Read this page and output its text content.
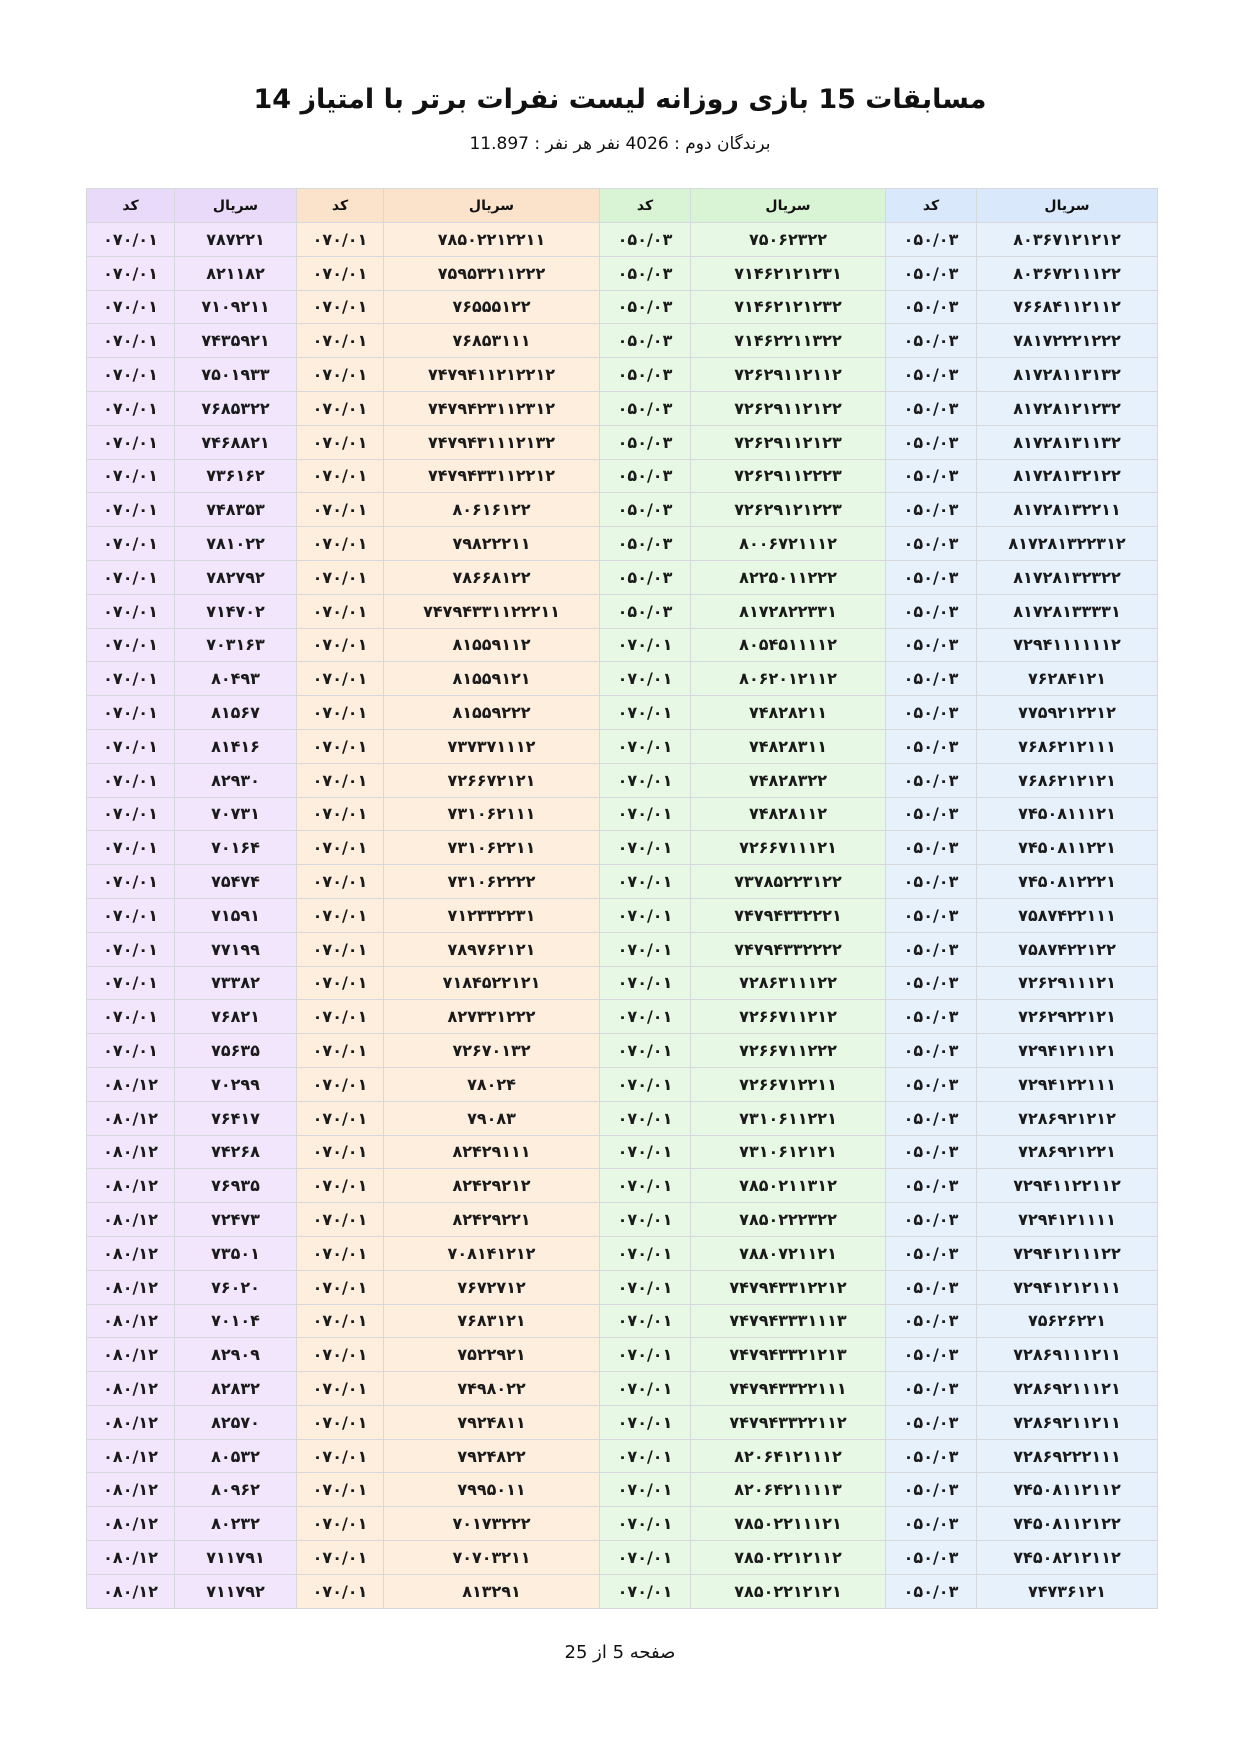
مسابقات 15 بازی روزانه لیست نفرات برتر با امتیاز 14
برندگان دوم : 4026 نفر هر نفر : 11.897
سریال	کد	سریال	کد	سریال	کد	سریال	کد
۸۰۳۶۷۱۲۱۲۱۲	۰۵۰/۰۳	۷۵۰۶۲۳۲۲	۰۵۰/۰۳	۷۸۵۰۲۲۱۲۲۱۱	۰۷۰/۰۱	۷۸۷۲۲۱	۰۷۰/۰۱
۸۰۳۶۷۲۱۱۱۲۲	۰۵۰/۰۳	۷۱۴۶۲۱۲۱۲۳۱	۰۵۰/۰۳	۷۵۹۵۳۲۱۱۲۲۲	۰۷۰/۰۱	۸۲۱۱۸۲	۰۷۰/۰۱
۷۶۶۸۴۱۱۲۱۱۲	۰۵۰/۰۳	۷۱۴۶۲۱۲۱۲۳۲	۰۵۰/۰۳	۷۶۵۵۵۱۲۲	۰۷۰/۰۱	۷۱۰۹۲۱۱	۰۷۰/۰۱
۷۸۱۷۲۲۲۱۲۲۲	۰۵۰/۰۳	۷۱۴۶۲۲۱۱۳۲۲	۰۵۰/۰۳	۷۶۸۵۳۱۱۱	۰۷۰/۰۱	۷۴۳۵۹۲۱	۰۷۰/۰۱
۸۱۷۲۸۱۱۳۱۳۲	۰۵۰/۰۳	۷۲۶۲۹۱۱۲۱۱۲	۰۵۰/۰۳	۷۴۷۹۴۱۱۲۱۲۲۱۲	۰۷۰/۰۱	۷۵۰۱۹۳۳	۰۷۰/۰۱
۸۱۷۲۸۱۲۱۲۳۲	۰۵۰/۰۳	۷۲۶۲۹۱۱۲۱۲۲	۰۵۰/۰۳	۷۴۷۹۴۲۳۱۱۲۳۱۲	۰۷۰/۰۱	۷۶۸۵۳۲۲	۰۷۰/۰۱
۸۱۷۲۸۱۳۱۱۳۲	۰۵۰/۰۳	۷۲۶۲۹۱۱۲۱۲۳	۰۵۰/۰۳	۷۴۷۹۴۳۱۱۱۲۱۳۲	۰۷۰/۰۱	۷۴۶۸۸۲۱	۰۷۰/۰۱
۸۱۷۲۸۱۳۲۱۲۲	۰۵۰/۰۳	۷۲۶۲۹۱۱۲۲۲۳	۰۵۰/۰۳	۷۴۷۹۴۳۳۱۱۲۲۱۲	۰۷۰/۰۱	۷۳۶۱۶۲	۰۷۰/۰۱
۸۱۷۲۸۱۳۲۲۱۱	۰۵۰/۰۳	۷۲۶۲۹۱۲۱۲۲۳	۰۵۰/۰۳	۸۰۶۱۶۱۲۲	۰۷۰/۰۱	۷۴۸۳۵۳	۰۷۰/۰۱
۸۱۷۲۸۱۳۲۲۳۱۲	۰۵۰/۰۳	۸۰۰۶۷۲۱۱۱۲	۰۵۰/۰۳	۷۹۸۲۲۲۱۱	۰۷۰/۰۱	۷۸۱۰۲۲	۰۷۰/۰۱
۸۱۷۲۸۱۳۲۳۲۲	۰۵۰/۰۳	۸۲۲۵۰۱۱۲۲۲	۰۵۰/۰۳	۷۸۶۶۸۱۲۲	۰۷۰/۰۱	۷۸۲۷۹۲	۰۷۰/۰۱
۸۱۷۲۸۱۳۳۳۳۱	۰۵۰/۰۳	۸۱۷۲۸۲۲۳۳۱	۰۵۰/۰۳	۷۴۷۹۴۳۳۱۱۲۲۲۱۱	۰۷۰/۰۱	۷۱۴۷۰۲	۰۷۰/۰۱
۷۲۹۴۱۱۱۱۱۱۲	۰۵۰/۰۳	۸۰۵۴۵۱۱۱۱۲	۰۷۰/۰۱	۸۱۵۵۹۱۱۲	۰۷۰/۰۱	۷۰۳۱۶۳	۰۷۰/۰۱
۷۶۲۸۴۱۲۱	۰۵۰/۰۳	۸۰۶۲۰۱۲۱۱۲	۰۷۰/۰۱	۸۱۵۵۹۱۲۱	۰۷۰/۰۱	۸۰۴۹۳	۰۷۰/۰۱
۷۷۵۹۲۱۲۲۱۲	۰۵۰/۰۳	۷۴۸۲۸۲۱۱	۰۷۰/۰۱	۸۱۵۵۹۲۲۲	۰۷۰/۰۱	۸۱۵۶۷	۰۷۰/۰۱
۷۶۸۶۲۱۲۱۱۱	۰۵۰/۰۳	۷۴۸۲۸۳۱۱	۰۷۰/۰۱	۷۳۷۳۷۱۱۱۲	۰۷۰/۰۱	۸۱۴۱۶	۰۷۰/۰۱
۷۶۸۶۲۱۲۱۲۱	۰۵۰/۰۳	۷۴۸۲۸۳۲۲	۰۷۰/۰۱	۷۲۶۶۷۲۱۲۱	۰۷۰/۰۱	۸۲۹۳۰	۰۷۰/۰۱
۷۴۵۰۸۱۱۱۲۱	۰۵۰/۰۳	۷۴۸۲۸۱۱۲	۰۷۰/۰۱	۷۳۱۰۶۲۱۱۱	۰۷۰/۰۱	۷۰۷۳۱	۰۷۰/۰۱
۷۴۵۰۸۱۱۲۲۱	۰۵۰/۰۳	۷۲۶۶۷۱۱۱۲۱	۰۷۰/۰۱	۷۳۱۰۶۲۲۱۱	۰۷۰/۰۱	۷۰۱۶۴	۰۷۰/۰۱
۷۴۵۰۸۱۲۲۲۱	۰۵۰/۰۳	۷۳۷۸۵۲۲۳۱۲۲	۰۷۰/۰۱	۷۳۱۰۶۲۲۲۲	۰۷۰/۰۱	۷۵۴۷۴	۰۷۰/۰۱
۷۵۸۷۴۲۲۱۱۱	۰۵۰/۰۳	۷۴۷۹۴۳۳۲۲۲۱	۰۷۰/۰۱	۷۱۲۳۳۲۲۳۱	۰۷۰/۰۱	۷۱۵۹۱	۰۷۰/۰۱
۷۵۸۷۴۲۲۱۲۲	۰۵۰/۰۳	۷۴۷۹۴۳۳۲۲۲۲	۰۷۰/۰۱	۷۸۹۷۶۲۱۲۱	۰۷۰/۰۱	۷۷۱۹۹	۰۷۰/۰۱
۷۲۶۲۹۱۱۱۲۱	۰۵۰/۰۳	۷۲۸۶۳۱۱۱۲۲	۰۷۰/۰۱	۷۱۸۴۵۲۲۱۲۱	۰۷۰/۰۱	۷۳۳۸۲	۰۷۰/۰۱
۷۲۶۲۹۲۲۱۲۱	۰۵۰/۰۳	۷۲۶۶۷۱۱۲۱۲	۰۷۰/۰۱	۸۲۷۳۲۱۲۲۲	۰۷۰/۰۱	۷۶۸۲۱	۰۷۰/۰۱
۷۲۹۴۱۲۱۱۲۱	۰۵۰/۰۳	۷۲۶۶۷۱۱۲۲۲	۰۷۰/۰۱	۷۲۶۷۰۱۳۲	۰۷۰/۰۱	۷۵۶۳۵	۰۷۰/۰۱
۷۲۹۴۱۲۲۱۱۱	۰۵۰/۰۳	۷۲۶۶۷۱۲۲۱۱	۰۷۰/۰۱	۷۸۰۲۴	۰۷۰/۰۱	۷۰۲۹۹	۰۸۰/۱۲
۷۲۸۶۹۲۱۲۱۲	۰۵۰/۰۳	۷۳۱۰۶۱۱۲۲۱	۰۷۰/۰۱	۷۹۰۸۳	۰۷۰/۰۱	۷۶۴۱۷	۰۸۰/۱۲
۷۲۸۶۹۲۱۲۲۱	۰۵۰/۰۳	۷۳۱۰۶۱۲۱۲۱	۰۷۰/۰۱	۸۲۴۲۹۱۱۱	۰۷۰/۰۱	۷۴۲۶۸	۰۸۰/۱۲
۷۲۹۴۱۱۲۲۱۱۲	۰۵۰/۰۳	۷۸۵۰۲۱۱۳۱۲	۰۷۰/۰۱	۸۲۴۲۹۲۱۲	۰۷۰/۰۱	۷۶۹۳۵	۰۸۰/۱۲
۷۲۹۴۱۲۱۱۱۱	۰۵۰/۰۳	۷۸۵۰۲۲۲۳۲۲	۰۷۰/۰۱	۸۲۴۲۹۲۲۱	۰۷۰/۰۱	۷۲۴۷۳	۰۸۰/۱۲
۷۲۹۴۱۲۱۱۱۲۲	۰۵۰/۰۳	۷۸۸۰۷۲۱۱۲۱	۰۷۰/۰۱	۷۰۸۱۴۱۲۱۲	۰۷۰/۰۱	۷۳۵۰۱	۰۸۰/۱۲
۷۲۹۴۱۲۱۲۱۱۱	۰۵۰/۰۳	۷۴۷۹۴۳۳۱۲۲۱۲	۰۷۰/۰۱	۷۶۷۲۷۱۲	۰۷۰/۰۱	۷۶۰۲۰	۰۸۰/۱۲
۷۵۶۲۶۲۲۱	۰۵۰/۰۳	۷۴۷۹۴۳۳۳۱۱۱۳	۰۷۰/۰۱	۷۶۸۳۱۲۱	۰۷۰/۰۱	۷۰۱۰۴	۰۸۰/۱۲
۷۲۸۶۹۱۱۱۲۱۱	۰۵۰/۰۳	۷۴۷۹۴۳۳۲۱۲۱۳	۰۷۰/۰۱	۷۵۲۲۹۲۱	۰۷۰/۰۱	۸۲۹۰۹	۰۸۰/۱۲
۷۲۸۶۹۲۱۱۱۲۱	۰۵۰/۰۳	۷۴۷۹۴۳۳۲۲۱۱۱	۰۷۰/۰۱	۷۴۹۸۰۲۲	۰۷۰/۰۱	۸۲۸۳۲	۰۸۰/۱۲
۷۲۸۶۹۲۱۱۲۱۱	۰۵۰/۰۳	۷۴۷۹۴۳۳۲۲۱۱۲	۰۷۰/۰۱	۷۹۲۴۸۱۱	۰۷۰/۰۱	۸۲۵۷۰	۰۸۰/۱۲
۷۲۸۶۹۲۲۲۱۱۱	۰۵۰/۰۳	۸۲۰۶۴۱۲۱۱۱۲	۰۷۰/۰۱	۷۹۲۴۸۲۲	۰۷۰/۰۱	۸۰۵۳۲	۰۸۰/۱۲
۷۴۵۰۸۱۱۲۱۱۲	۰۵۰/۰۳	۸۲۰۶۴۲۱۱۱۱۳	۰۷۰/۰۱	۷۹۹۵۰۱۱	۰۷۰/۰۱	۸۰۹۶۲	۰۸۰/۱۲
۷۴۵۰۸۱۱۲۱۲۲	۰۵۰/۰۳	۷۸۵۰۲۲۱۱۱۲۱	۰۷۰/۰۱	۷۰۱۷۳۲۲۲	۰۷۰/۰۱	۸۰۲۳۲	۰۸۰/۱۲
۷۴۵۰۸۲۱۲۱۱۲	۰۵۰/۰۳	۷۸۵۰۲۲۱۲۱۱۲	۰۷۰/۰۱	۷۰۷۰۳۲۱۱	۰۷۰/۰۱	۷۱۱۷۹۱	۰۸۰/۱۲
۷۴۷۳۶۱۲۱	۰۵۰/۰۳	۷۸۵۰۲۲۱۲۱۲۱	۰۷۰/۰۱	۸۱۳۲۹۱	۰۷۰/۰۱	۷۱۱۷۹۲	۰۸۰/۱۲
صفحه 5 از 25
